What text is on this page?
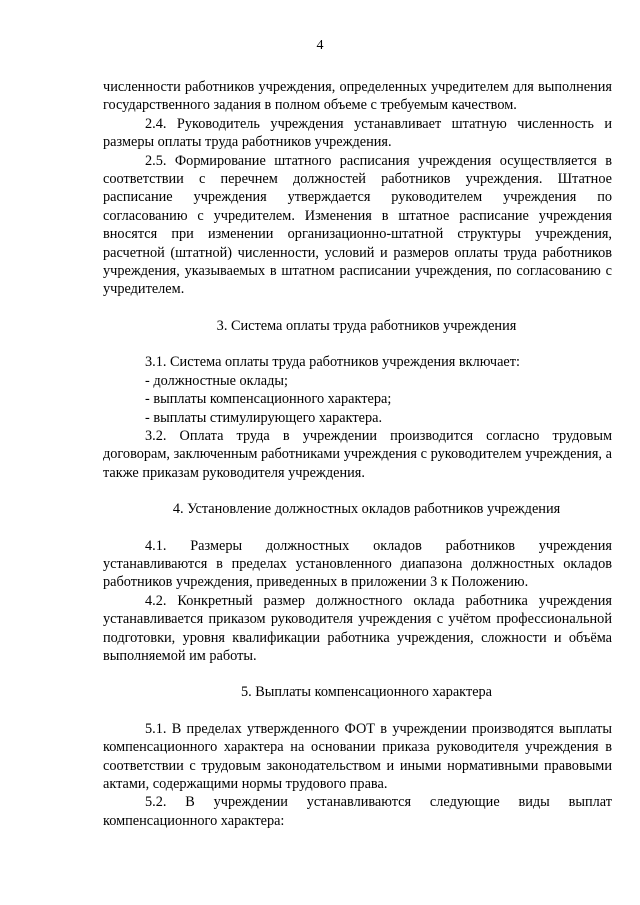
4

численности работников учреждения, определенных учредителем для выполнения государственного задания в полном объеме с требуемым качеством.

2.4. Руководитель учреждения устанавливает штатную численность и размеры оплаты труда работников учреждения.

2.5. Формирование штатного расписания учреждения осуществляется в соответствии с перечнем должностей работников учреждения. Штатное расписание учреждения утверждается руководителем учреждения по согласованию с учредителем. Изменения в штатное расписание учреждения вносятся при изменении организационно-штатной структуры учреждения, расчетной (штатной) численности, условий и размеров оплаты труда работников учреждения, указываемых в штатном расписании учреждения, по согласованию с учредителем.

3. Система оплаты труда работников учреждения

3.1. Система оплаты труда работников учреждения включает:

- должностные оклады;

- выплаты компенсационного характера;

- выплаты стимулирующего характера.

3.2. Оплата труда в учреждении производится согласно трудовым договорам, заключенным работниками учреждения с руководителем учреждения, а также приказам руководителя учреждения.

4. Установление должностных окладов работников учреждения

4.1. Размеры должностных окладов работников учреждения устанавливаются в пределах установленного диапазона должностных окладов работников учреждения, приведенных в приложении 3 к Положению.

4.2. Конкретный размер должностного оклада работника учреждения устанавливается приказом руководителя учреждения с учётом профессиональной подготовки, уровня квалификации работника учреждения, сложности и объёма выполняемой им работы.

5. Выплаты компенсационного характера

5.1. В пределах утвержденного ФОТ в учреждении производятся выплаты компенсационного характера на основании приказа руководителя учреждения в соответствии с трудовым законодательством и иными нормативными правовыми актами, содержащими нормы трудового права.

5.2. В учреждении устанавливаются следующие виды выплат компенсационного характера:
